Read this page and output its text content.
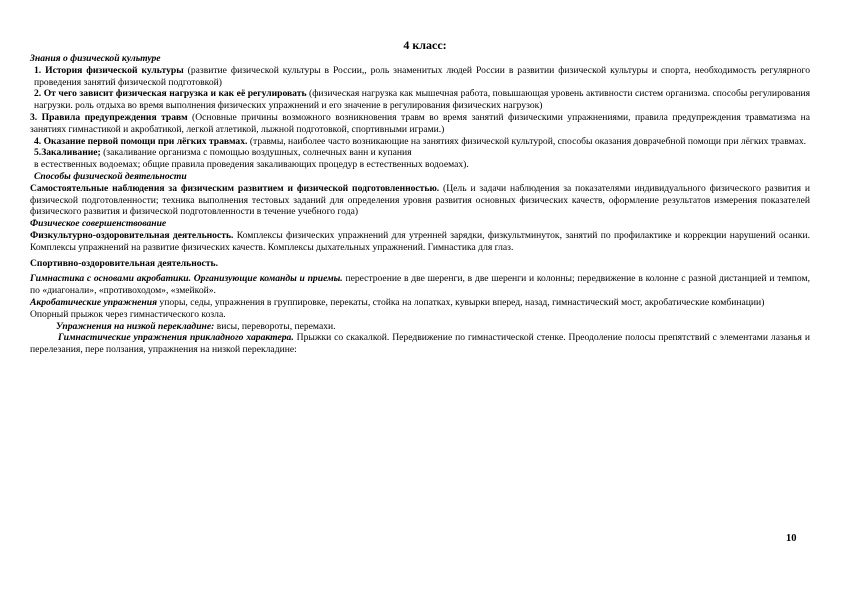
4 класс:
Знания о физической культуре

1. История физической культуры (развитие физической культуры в России,, роль знаменитых людей России в развитии физической культуры и спорта, необходимость регулярного проведения занятий физической подготовкой)

2. От чего зависит физическая нагрузка и как её регулировать (физическая нагрузка как мышечная работа, повышающая уровень активности систем организма. способы регулирования нагрузки. роль отдыха во время выполнения физических упражнений и его значение в регулирования физических нагрузок)

3. Правила предупреждения травм (Основные причины возможного возникновения травм во время занятий физическими упражнениями, правила предупреждения травматизма на занятиях гимнастикой и акробатикой, легкой атлетикой, лыжной подготовкой, спортивными играми.)

4. Оказание первой помощи при лёгких травмах. (травмы, наиболее часто возникающие на занятиях физической культурой, способы оказания доврачебной помощи при лёгких травмах.

5.Закаливание; (закаливание организма с помощью воздушных, солнечных ванн и купания

в естественных водоемах; общие правила проведения закаливающих процедур в естественных водоемах).

Способы физической деятельности

Самостоятельные наблюдения за физическим развитием и физической подготовленностью. (Цель и задачи наблюдения за показателями индивидуального физического развития и физической подготовленности; техника выполнения тестовых заданий для определения уровня развития основных физических качеств, оформление результатов измерения показателей физического развития и физической подготовленности в течение учебного года)

Физическое совершенствование

Физкультурно-оздоровительная деятельность. Комплексы физических упражнений для утренней зарядки, физкультминуток, занятий по профилактике и коррекции нарушений осанки. Комплексы упражнений на развитие физических качеств. Комплексы дыхательных упражнений. Гимнастика для глаз.

Спортивно-оздоровительная деятельность.

Гимнастика с основами акробатики. Организующие команды и приемы. перестроение в две шеренги, в две шеренги и колонны; передвижение в колонне с разной дистанцией и темпом, по «диагонали», «противоходом», «змейкой».

Акробатические упражнения упоры, седы, упражнения в группировке, перекаты, стойка на лопатках, кувырки вперед, назад, гимнастический мост, акробатические комбинации)

Опорный прыжок через гимнастического козла.

Упражнения на низкой перекладине: висы, перевороты, перемахи.

Гимнастические упражнения прикладного характера. Прыжки со скакалкой. Передвижение по гимнастической стенке. Преодоление полосы препятствий с элементами лазанья и перелезания, пере ползания, упражнения на низкой перекладине:

10
